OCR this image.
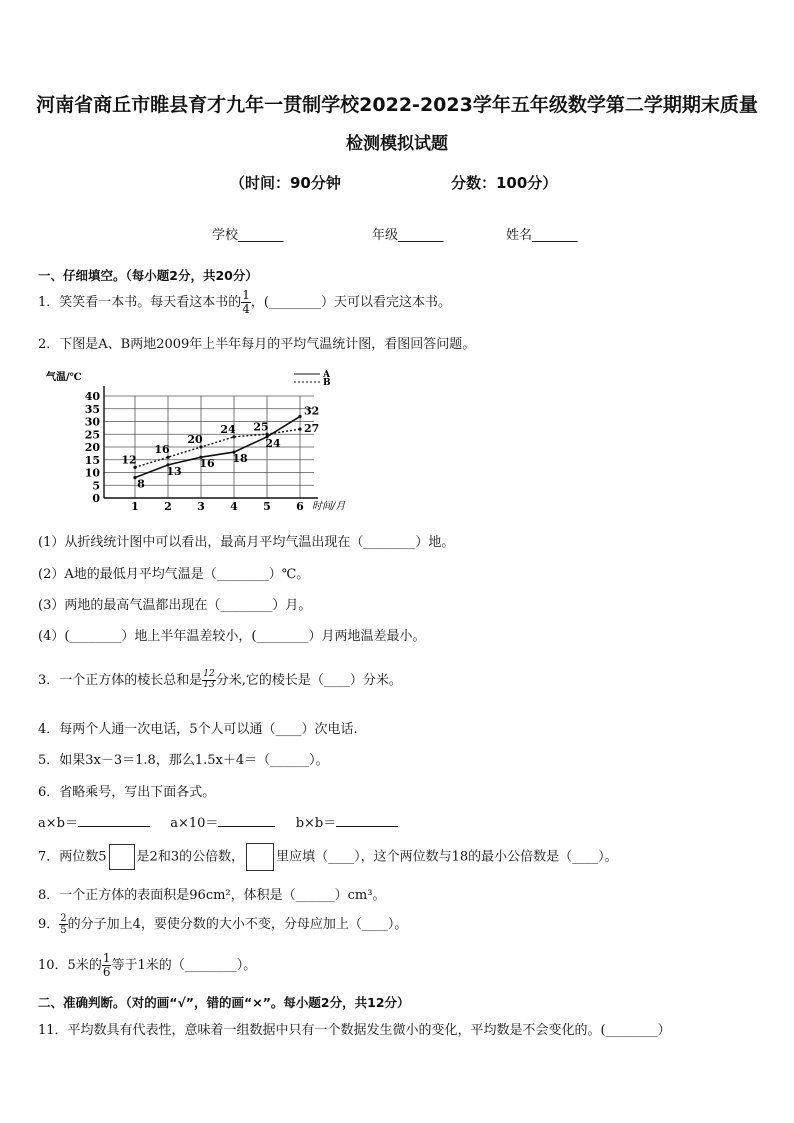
河南省商丘市睢县育才九年一贯制学校2022-2023学年五年级数学第二学期期末质量
检测模拟试题
（时间：90分钟	分数：100分）
学校_______	年级_______	姓名_______
一、仔细填空。（每小题2分，共20分）
1．笑笑看一本书。每天看这本书的 $\frac{1}{4}$ ，(________）天可以看完这本书。
2．下图是A、B两地2009年上半年每月的平均气温统计图，看图回答问题。
0
5
10
15
20
25
30
35
40
1 2 3 4 5 6
8
13
16 18
24
32
12
16
20
24 25	27
A
B
气温/℃
时间/月
(1）从折线统计图中可以看出，最高月平均气温出现在（________）地。
(2）A地的最低月平均气温是（________）℃。
(3）两地的最高气温都出现在（________）月。
(4）(________）地上半年温差较小，(________）月两地温差最小。
3．一个正方体的棱长总和是 $\frac{12}{13}$ 分米,它的棱长是（____）分米。
4．每两个人通一次电话，5个人可以通（____）次电话.
5．如果3x－3＝1.8，那么1.5x＋4＝（______）。
6．省略乘号，写出下面各式。
a×b＝	a×10＝	b×b＝
7．两位数5 是2和3的公倍数， 里应填（____），这个两位数与18的最小公倍数是（____）。
8．一个正方体的表面积是96cm²，体积是（______）cm³。
9． $\frac{2}{5}$ 的分子加上4，要使分数的大小不变，分母应加上（____）。
10．5米的 $\frac{1}{6}$ 等于1米的（________）。
二、准确判断。（对的画“√”，错的画“×”。每小题2分，共12分）
11．平均数具有代表性，意味着一组数据中只有一个数据发生微小的变化，平均数是不会变化的。(________）
